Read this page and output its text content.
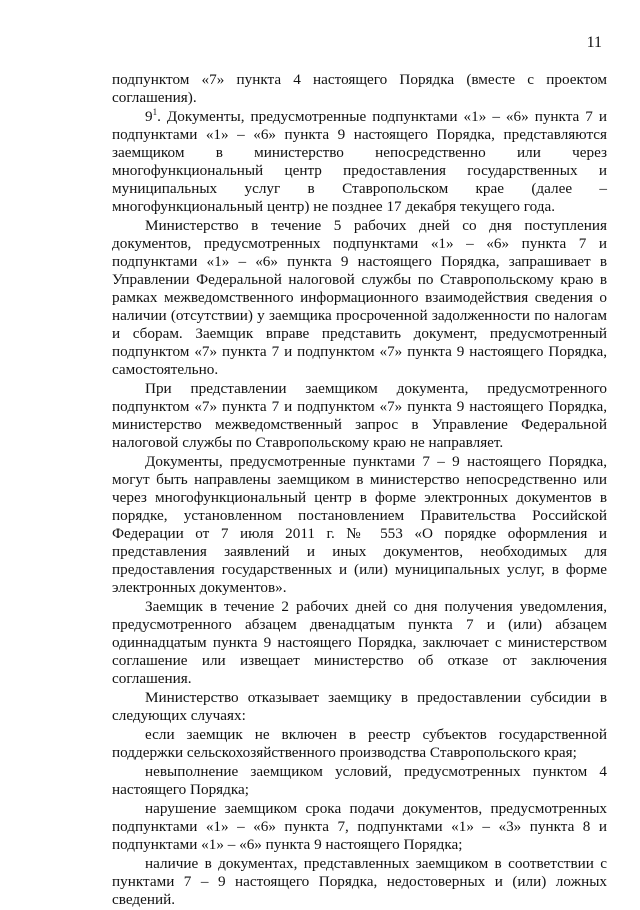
11

подпунктом «7» пункта 4 настоящего Порядка (вместе с проектом соглашения).

$9^1$. Документы, предусмотренные подпунктами «1» – «6» пункта 7 и подпунктами «1» – «6» пункта 9 настоящего Порядка, представляются заемщиком в министерство непосредственно или через многофункциональный центр предоставления государственных и муниципальных услуг в Ставропольском крае (далее – многофункциональный центр) не позднее 17 декабря текущего года.

Министерство в течение 5 рабочих дней со дня поступления документов, предусмотренных подпунктами «1» – «6» пункта 7 и подпунктами «1» – «6» пункта 9 настоящего Порядка, запрашивает в Управлении Федеральной налоговой службы по Ставропольскому краю в рамках межведомственного информационного взаимодействия сведения о наличии (отсутствии) у заемщика просроченной задолженности по налогам и сборам. Заемщик вправе представить документ, предусмотренный подпунктом «7» пункта 7 и подпунктом «7» пункта 9 настоящего Порядка, самостоятельно.

При представлении заемщиком документа, предусмотренного подпунктом «7» пункта 7 и подпунктом «7» пункта 9 настоящего Порядка, министерство межведомственный запрос в Управление Федеральной налоговой службы по Ставропольскому краю не направляет.

Документы, предусмотренные пунктами 7 – 9 настоящего Порядка, могут быть направлены заемщиком в министерство непосредственно или через многофункциональный центр в форме электронных документов в порядке, установленном постановлением Правительства Российской Федерации от 7 июля 2011 г. № 553 «О порядке оформления и представления заявлений и иных документов, необходимых для предоставления государственных и (или) муниципальных услуг, в форме электронных документов».

Заемщик в течение 2 рабочих дней со дня получения уведомления, предусмотренного абзацем двенадцатым пункта 7 и (или) абзацем одиннадцатым пункта 9 настоящего Порядка, заключает с министерством соглашение или извещает министерство об отказе от заключения соглашения.

Министерство отказывает заемщику в предоставлении субсидии в следующих случаях:

если заемщик не включен в реестр субъектов государственной поддержки сельскохозяйственного производства Ставропольского края;

невыполнение заемщиком условий, предусмотренных пунктом 4 настоящего Порядка;

нарушение заемщиком срока подачи документов, предусмотренных подпунктами «1» – «6» пункта 7, подпунктами «1» – «3» пункта 8 и подпунктами «1» – «6» пункта 9 настоящего Порядка;

наличие в документах, представленных заемщиком в соответствии с пунктами 7 – 9 настоящего Порядка, недостоверных и (или) ложных сведений.
